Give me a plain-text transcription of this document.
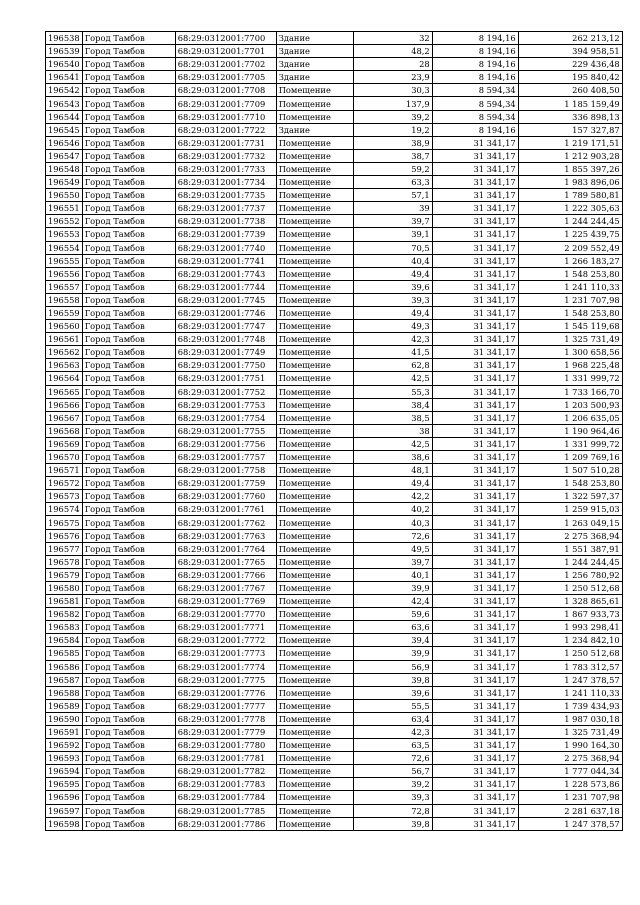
196538	Город Тамбов	68:29:0312001:7700	Здание	32	8 194,16	262 213,12
196539	Город Тамбов	68:29:0312001:7701	Здание	48,2	8 194,16	394 958,51
196540	Город Тамбов	68:29:0312001:7702	Здание	28	8 194,16	229 436,48
196541	Город Тамбов	68:29:0312001:7705	Здание	23,9	8 194,16	195 840,42
196542	Город Тамбов	68:29:0312001:7708	Помещение	30,3	8 594,34	260 408,50
196543	Город Тамбов	68:29:0312001:7709	Помещение	137,9	8 594,34	1 185 159,49
196544	Город Тамбов	68:29:0312001:7710	Помещение	39,2	8 594,34	336 898,13
196545	Город Тамбов	68:29:0312001:7722	Здание	19,2	8 194,16	157 327,87
196546	Город Тамбов	68:29:0312001:7731	Помещение	38,9	31 341,17	1 219 171,51
196547	Город Тамбов	68:29:0312001:7732	Помещение	38,7	31 341,17	1 212 903,28
196548	Город Тамбов	68:29:0312001:7733	Помещение	59,2	31 341,17	1 855 397,26
196549	Город Тамбов	68:29:0312001:7734	Помещение	63,3	31 341,17	1 983 896,06
196550	Город Тамбов	68:29:0312001:7735	Помещение	57,1	31 341,17	1 789 580,81
196551	Город Тамбов	68:29:0312001:7737	Помещение	39	31 341,17	1 222 305,63
196552	Город Тамбов	68:29:0312001:7738	Помещение	39,7	31 341,17	1 244 244,45
196553	Город Тамбов	68:29:0312001:7739	Помещение	39,1	31 341,17	1 225 439,75
196554	Город Тамбов	68:29:0312001:7740	Помещение	70,5	31 341,17	2 209 552,49
196555	Город Тамбов	68:29:0312001:7741	Помещение	40,4	31 341,17	1 266 183,27
196556	Город Тамбов	68:29:0312001:7743	Помещение	49,4	31 341,17	1 548 253,80
196557	Город Тамбов	68:29:0312001:7744	Помещение	39,6	31 341,17	1 241 110,33
196558	Город Тамбов	68:29:0312001:7745	Помещение	39,3	31 341,17	1 231 707,98
196559	Город Тамбов	68:29:0312001:7746	Помещение	49,4	31 341,17	1 548 253,80
196560	Город Тамбов	68:29:0312001:7747	Помещение	49,3	31 341,17	1 545 119,68
196561	Город Тамбов	68:29:0312001:7748	Помещение	42,3	31 341,17	1 325 731,49
196562	Город Тамбов	68:29:0312001:7749	Помещение	41,5	31 341,17	1 300 658,56
196563	Город Тамбов	68:29:0312001:7750	Помещение	62,8	31 341,17	1 968 225,48
196564	Город Тамбов	68:29:0312001:7751	Помещение	42,5	31 341,17	1 331 999,72
196565	Город Тамбов	68:29:0312001:7752	Помещение	55,3	31 341,17	1 733 166,70
196566	Город Тамбов	68:29:0312001:7753	Помещение	38,4	31 341,17	1 203 500,93
196567	Город Тамбов	68:29:0312001:7754	Помещение	38,5	31 341,17	1 206 635,05
196568	Город Тамбов	68:29:0312001:7755	Помещение	38	31 341,17	1 190 964,46
196569	Город Тамбов	68:29:0312001:7756	Помещение	42,5	31 341,17	1 331 999,72
196570	Город Тамбов	68:29:0312001:7757	Помещение	38,6	31 341,17	1 209 769,16
196571	Город Тамбов	68:29:0312001:7758	Помещение	48,1	31 341,17	1 507 510,28
196572	Город Тамбов	68:29:0312001:7759	Помещение	49,4	31 341,17	1 548 253,80
196573	Город Тамбов	68:29:0312001:7760	Помещение	42,2	31 341,17	1 322 597,37
196574	Город Тамбов	68:29:0312001:7761	Помещение	40,2	31 341,17	1 259 915,03
196575	Город Тамбов	68:29:0312001:7762	Помещение	40,3	31 341,17	1 263 049,15
196576	Город Тамбов	68:29:0312001:7763	Помещение	72,6	31 341,17	2 275 368,94
196577	Город Тамбов	68:29:0312001:7764	Помещение	49,5	31 341,17	1 551 387,91
196578	Город Тамбов	68:29:0312001:7765	Помещение	39,7	31 341,17	1 244 244,45
196579	Город Тамбов	68:29:0312001:7766	Помещение	40,1	31 341,17	1 256 780,92
196580	Город Тамбов	68:29:0312001:7767	Помещение	39,9	31 341,17	1 250 512,68
196581	Город Тамбов	68:29:0312001:7769	Помещение	42,4	31 341,17	1 328 865,61
196582	Город Тамбов	68:29:0312001:7770	Помещение	59,6	31 341,17	1 867 933,73
196583	Город Тамбов	68:29:0312001:7771	Помещение	63,6	31 341,17	1 993 298,41
196584	Город Тамбов	68:29:0312001:7772	Помещение	39,4	31 341,17	1 234 842,10
196585	Город Тамбов	68:29:0312001:7773	Помещение	39,9	31 341,17	1 250 512,68
196586	Город Тамбов	68:29:0312001:7774	Помещение	56,9	31 341,17	1 783 312,57
196587	Город Тамбов	68:29:0312001:7775	Помещение	39,8	31 341,17	1 247 378,57
196588	Город Тамбов	68:29:0312001:7776	Помещение	39,6	31 341,17	1 241 110,33
196589	Город Тамбов	68:29:0312001:7777	Помещение	55,5	31 341,17	1 739 434,93
196590	Город Тамбов	68:29:0312001:7778	Помещение	63,4	31 341,17	1 987 030,18
196591	Город Тамбов	68:29:0312001:7779	Помещение	42,3	31 341,17	1 325 731,49
196592	Город Тамбов	68:29:0312001:7780	Помещение	63,5	31 341,17	1 990 164,30
196593	Город Тамбов	68:29:0312001:7781	Помещение	72,6	31 341,17	2 275 368,94
196594	Город Тамбов	68:29:0312001:7782	Помещение	56,7	31 341,17	1 777 044,34
196595	Город Тамбов	68:29:0312001:7783	Помещение	39,2	31 341,17	1 228 573,86
196596	Город Тамбов	68:29:0312001:7784	Помещение	39,3	31 341,17	1 231 707,98
196597	Город Тамбов	68:29:0312001:7785	Помещение	72,8	31 341,17	2 281 637,18
196598	Город Тамбов	68:29:0312001:7786	Помещение	39,8	31 341,17	1 247 378,57
